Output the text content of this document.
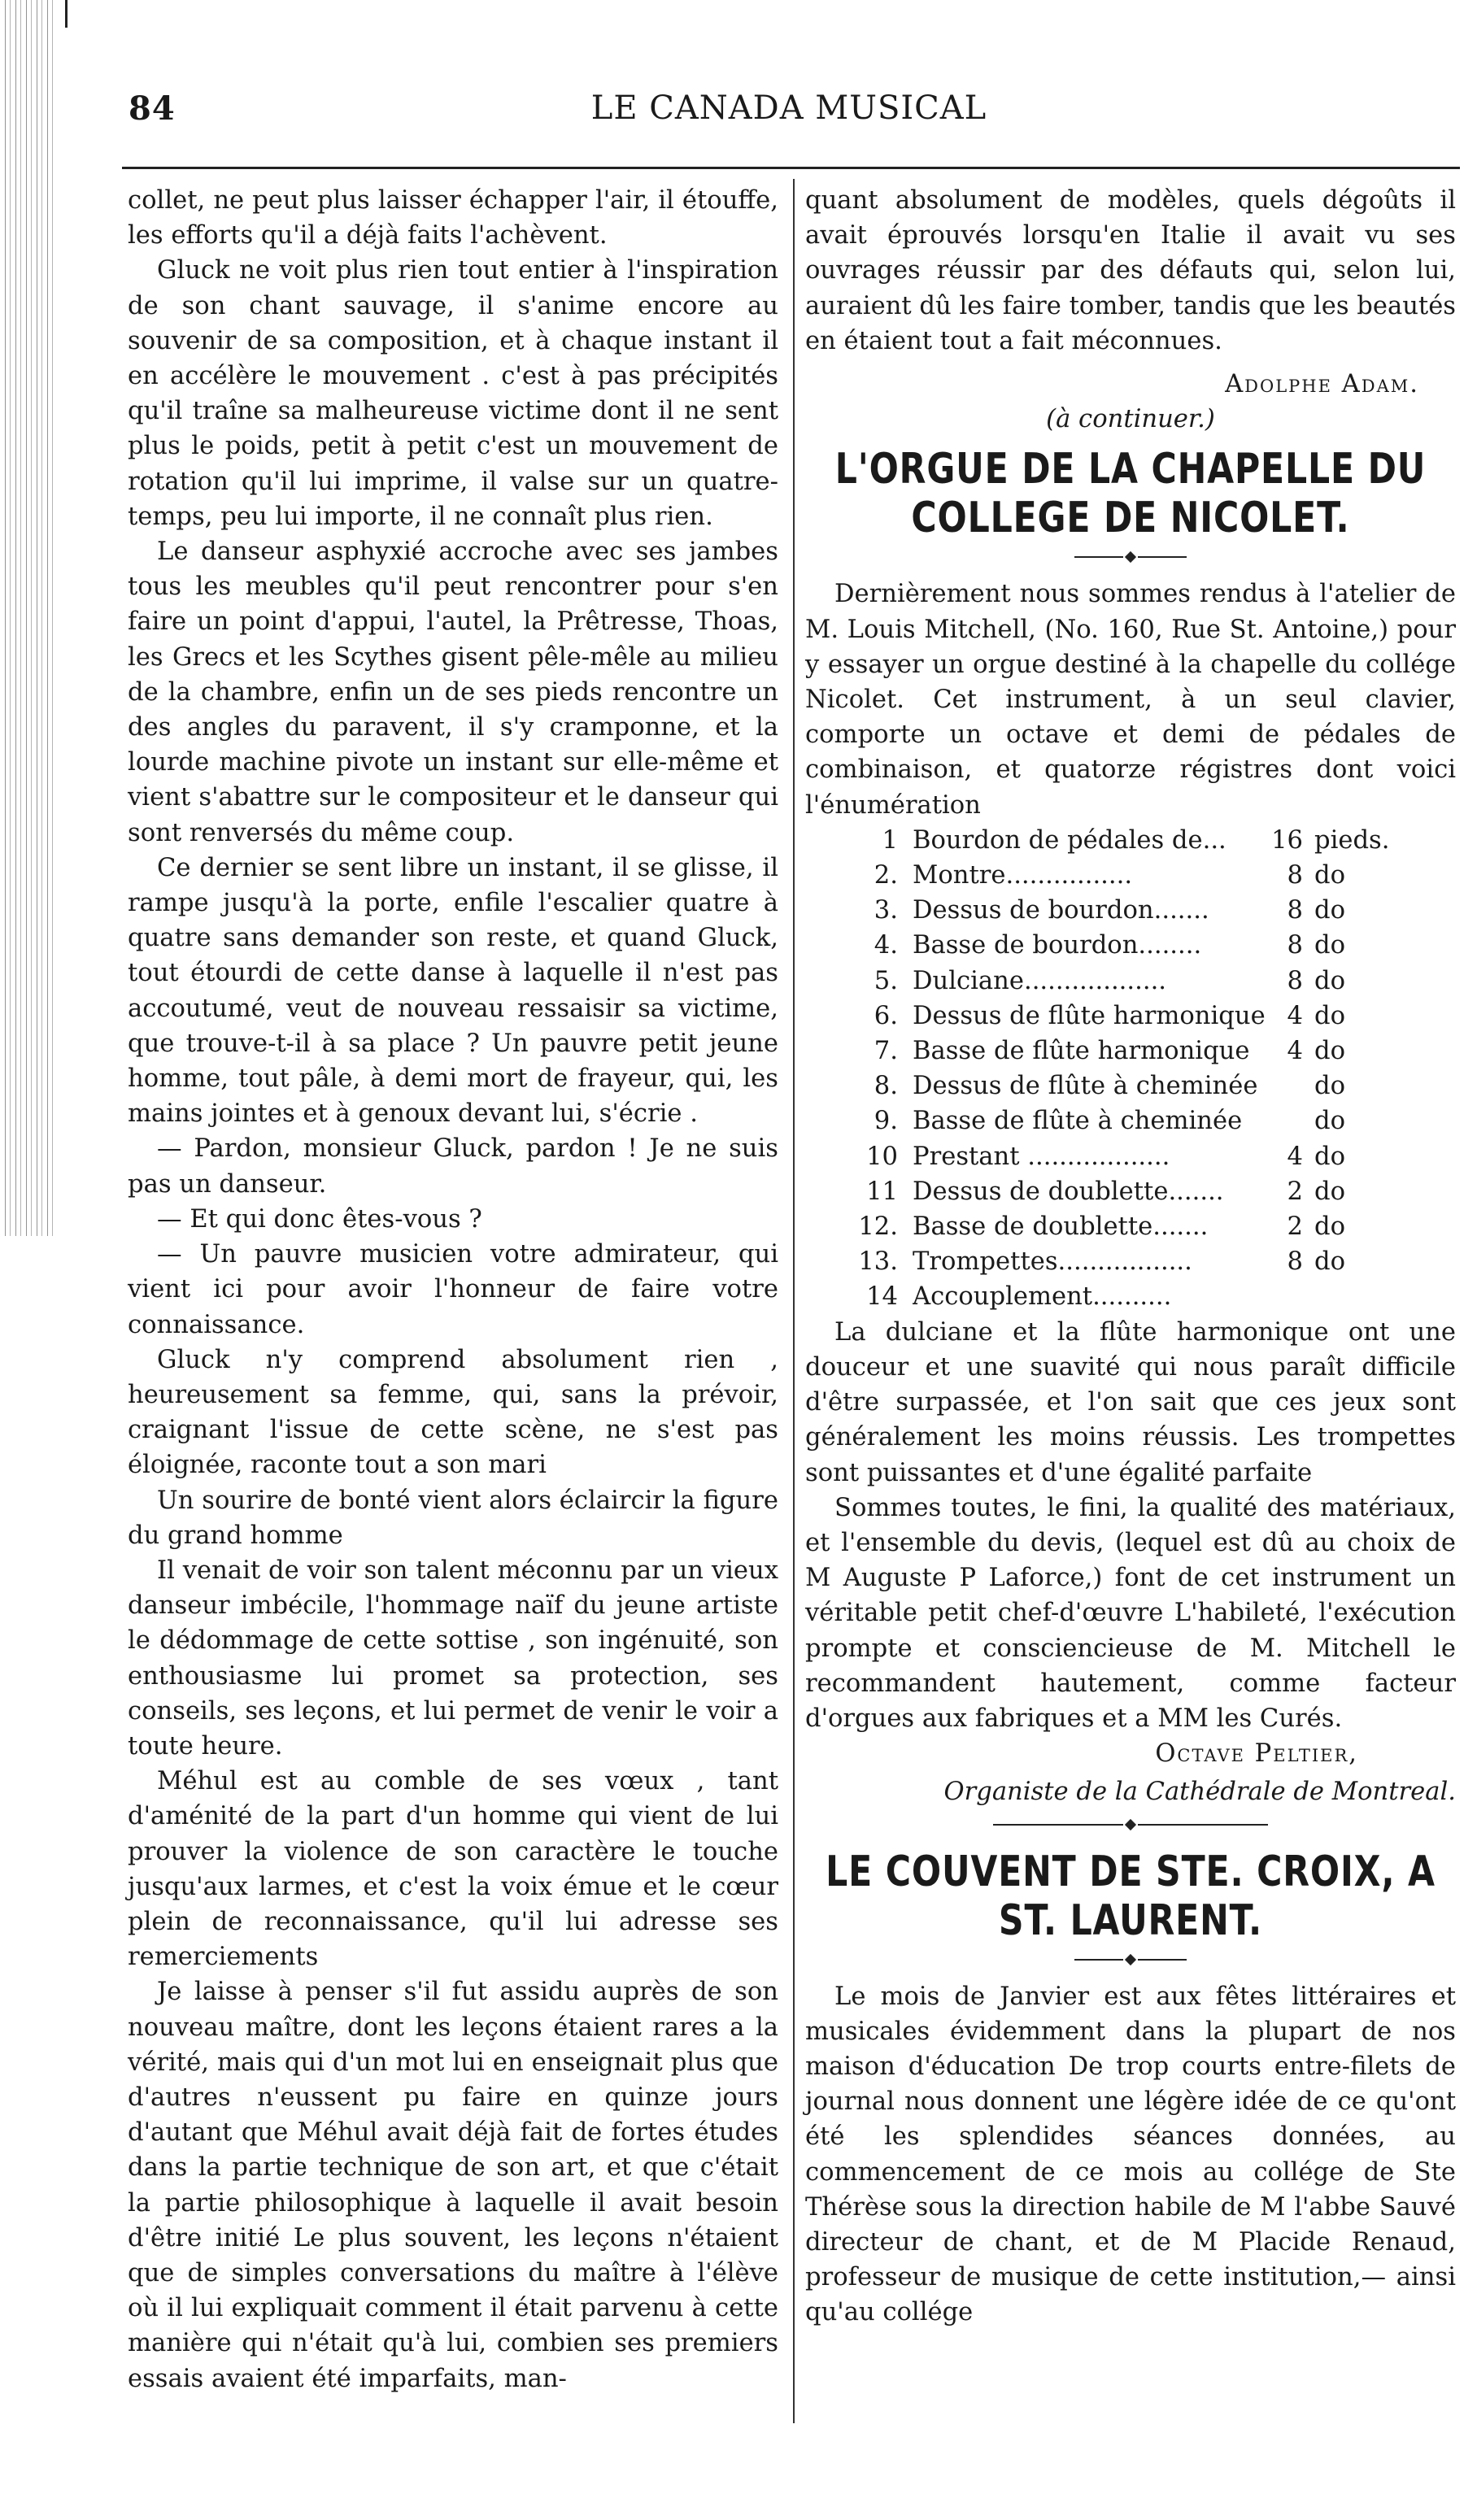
84	LE CANADA MUSICAL

collet, ne peut plus laisser échapper l'air, il étouffe, les efforts qu'il a déjà faits l'achèvent.

Gluck ne voit plus rien tout entier à l'inspiration de son chant sauvage, il s'anime encore au souvenir de sa composition, et à chaque instant il en accélère le mouvement . c'est à pas précipités qu'il traîne sa malheureuse victime dont il ne sent plus le poids, petit à petit c'est un mouvement de rotation qu'il lui imprime, il valse sur un quatre-temps, peu lui importe, il ne connaît plus rien.

Le danseur asphyxié accroche avec ses jambes tous les meubles qu'il peut rencontrer pour s'en faire un point d'appui, l'autel, la Prêtresse, Thoas, les Grecs et les Scythes gisent pêle-mêle au milieu de la chambre, enfin un de ses pieds rencontre un des angles du paravent, il s'y cramponne, et la lourde machine pivote un instant sur elle-même et vient s'abattre sur le compositeur et le danseur qui sont renversés du même coup.

Ce dernier se sent libre un instant, il se glisse, il rampe jusqu'à la porte, enfile l'escalier quatre à quatre sans demander son reste, et quand Gluck, tout étourdi de cette danse à laquelle il n'est pas accoutumé, veut de nouveau ressaisir sa victime, que trouve-t-il à sa place ? Un pauvre petit jeune homme, tout pâle, à demi mort de frayeur, qui, les mains jointes et à genoux devant lui, s'écrie .

— Pardon, monsieur Gluck, pardon ! Je ne suis pas un danseur.

— Et qui donc êtes-vous ?

— Un pauvre musicien votre admirateur, qui vient ici pour avoir l'honneur de faire votre connaissance.

Gluck n'y comprend absolument rien , heureusement sa femme, qui, sans la prévoir, craignant l'issue de cette scène, ne s'est pas éloignée, raconte tout a son mari

Un sourire de bonté vient alors éclaircir la figure du grand homme

Il venait de voir son talent méconnu par un vieux danseur imbécile, l'hommage naïf du jeune artiste le dédommage de cette sottise , son ingénuité, son enthousiasme lui promet sa protection, ses conseils, ses leçons, et lui permet de venir le voir a toute heure.

Méhul est au comble de ses vœux , tant d'aménité de la part d'un homme qui vient de lui prouver la violence de son caractère le touche jusqu'aux larmes, et c'est la voix émue et le cœur plein de reconnaissance, qu'il lui adresse ses remerciements

Je laisse à penser s'il fut assidu auprès de son nouveau maître, dont les leçons étaient rares a la vérité, mais qui d'un mot lui en enseignait plus que d'autres n'eussent pu faire en quinze jours d'autant que Méhul avait déjà fait de fortes études dans la partie technique de son art, et que c'était la partie philosophique à laquelle il avait besoin d'être initié Le plus souvent, les leçons n'étaient que de simples conversations du maître à l'élève où il lui expliquait comment il était parvenu à cette manière qui n'était qu'à lui, combien ses premiers essais avaient été imparfaits, man-

quant absolument de modèles, quels dégoûts il avait éprouvés lorsqu'en Italie il avait vu ses ouvrages réussir par des défauts qui, selon lui, auraient dû les faire tomber, tandis que les beautés en étaient tout a fait méconnues.

Adolphe Adam.

(à continuer.)

L'ORGUE DE LA CHAPELLE DU COLLEGE DE NICOLET.

Dernièrement nous sommes rendus à l'atelier de M. Louis Mitchell, (No. 160, Rue St. Antoine,) pour y essayer un orgue destiné à la chapelle du collége Nicolet. Cet instrument, à un seul clavier, comporte un octave et demi de pédales de combinaison, et quatorze régistres dont voici l'énumération

1 Bourdon de pédales de...	16 pieds.
2. Montre................	8 do
3. Dessus de bourdon.......	8 do
4. Basse de bourdon........	8 do
5. Dulciane..................	8 do
6. Dessus de flûte harmonique 4 do
7. Basse de flûte harmonique	4 do
8. Dessus de flûte à cheminée	do
9. Basse de flûte à cheminée	do
10 Prestant ..................	4 do
11 Dessus de doublette.......	2 do
12. Basse de doublette.......	2 do
13. Trompettes.................	8 do
14 Accouplement..........

La dulciane et la flûte harmonique ont une douceur et une suavité qui nous paraît difficile d'être surpassée, et l'on sait que ces jeux sont généralement les moins réussis. Les trompettes sont puissantes et d'une égalité parfaite

Sommes toutes, le fini, la qualité des matériaux, et l'ensemble du devis, (lequel est dû au choix de M Auguste P Laforce,) font de cet instrument un véritable petit chef-d'œuvre L'habileté, l'exécution prompte et consciencieuse de M. Mitchell le recommandent hautement, comme facteur d'orgues aux fabriques et a MM les Curés.

Octave Peltier,

Organiste de la Cathédrale de Montreal.

LE COUVENT DE STE. CROIX, A ST. LAURENT.

Le mois de Janvier est aux fêtes littéraires et musicales évidemment dans la plupart de nos maison d'éducation De trop courts entre-filets de journal nous donnent une légère idée de ce qu'ont été les splendides séances données, au commencement de ce mois au collége de Ste Thérèse sous la direction habile de M l'abbe Sauvé directeur de chant, et de M Placide Renaud, professeur de musique de cette institution,— ainsi qu'au collége
